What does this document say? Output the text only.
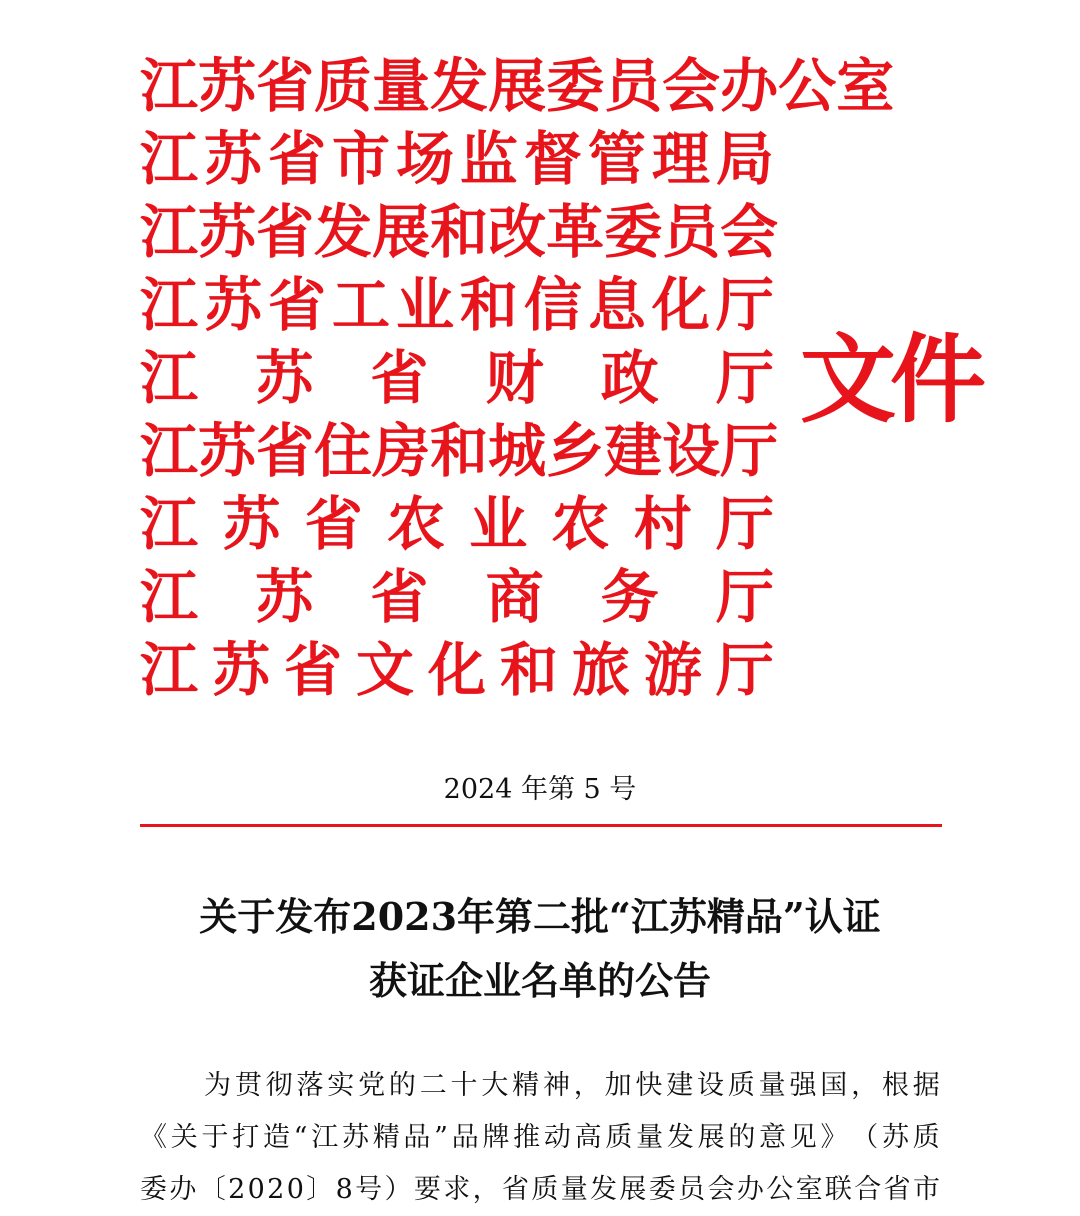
江 苏 省 质 量 发 展 委 员 会 办 公 室
江 苏 省 市 场 监 督 管 理 局
江 苏 省 发 展 和 改 革 委 员 会
江 苏 省 工 业 和 信 息 化 厅
江 苏 省 财 政 厅
江 苏 省 住 房 和 城 乡 建 设 厅
江 苏 省 农 业 农 村 厅
江 苏 省 商 务 厅
江 苏 省 文 化 和 旅 游 厅
文件
2024 年第 5 号
关于发布2023年第二批“江苏精品”认证
获证企业名单的公告
为 贯 彻 落 实 党 的 二 十 大 精 神 ， 加 快 建 设 质 量 强 国 ， 根 据
《 关 于 打 造 “ 江 苏 精 品 ” 品 牌 推 动 高 质 量 发 展 的 意 见 》 （ 苏 质
委 办 〔 2 0 2 0 〕 8 号 ） 要 求 ， 省 质 量 发 展 委 员 会 办 公 室 联 合 省 市
